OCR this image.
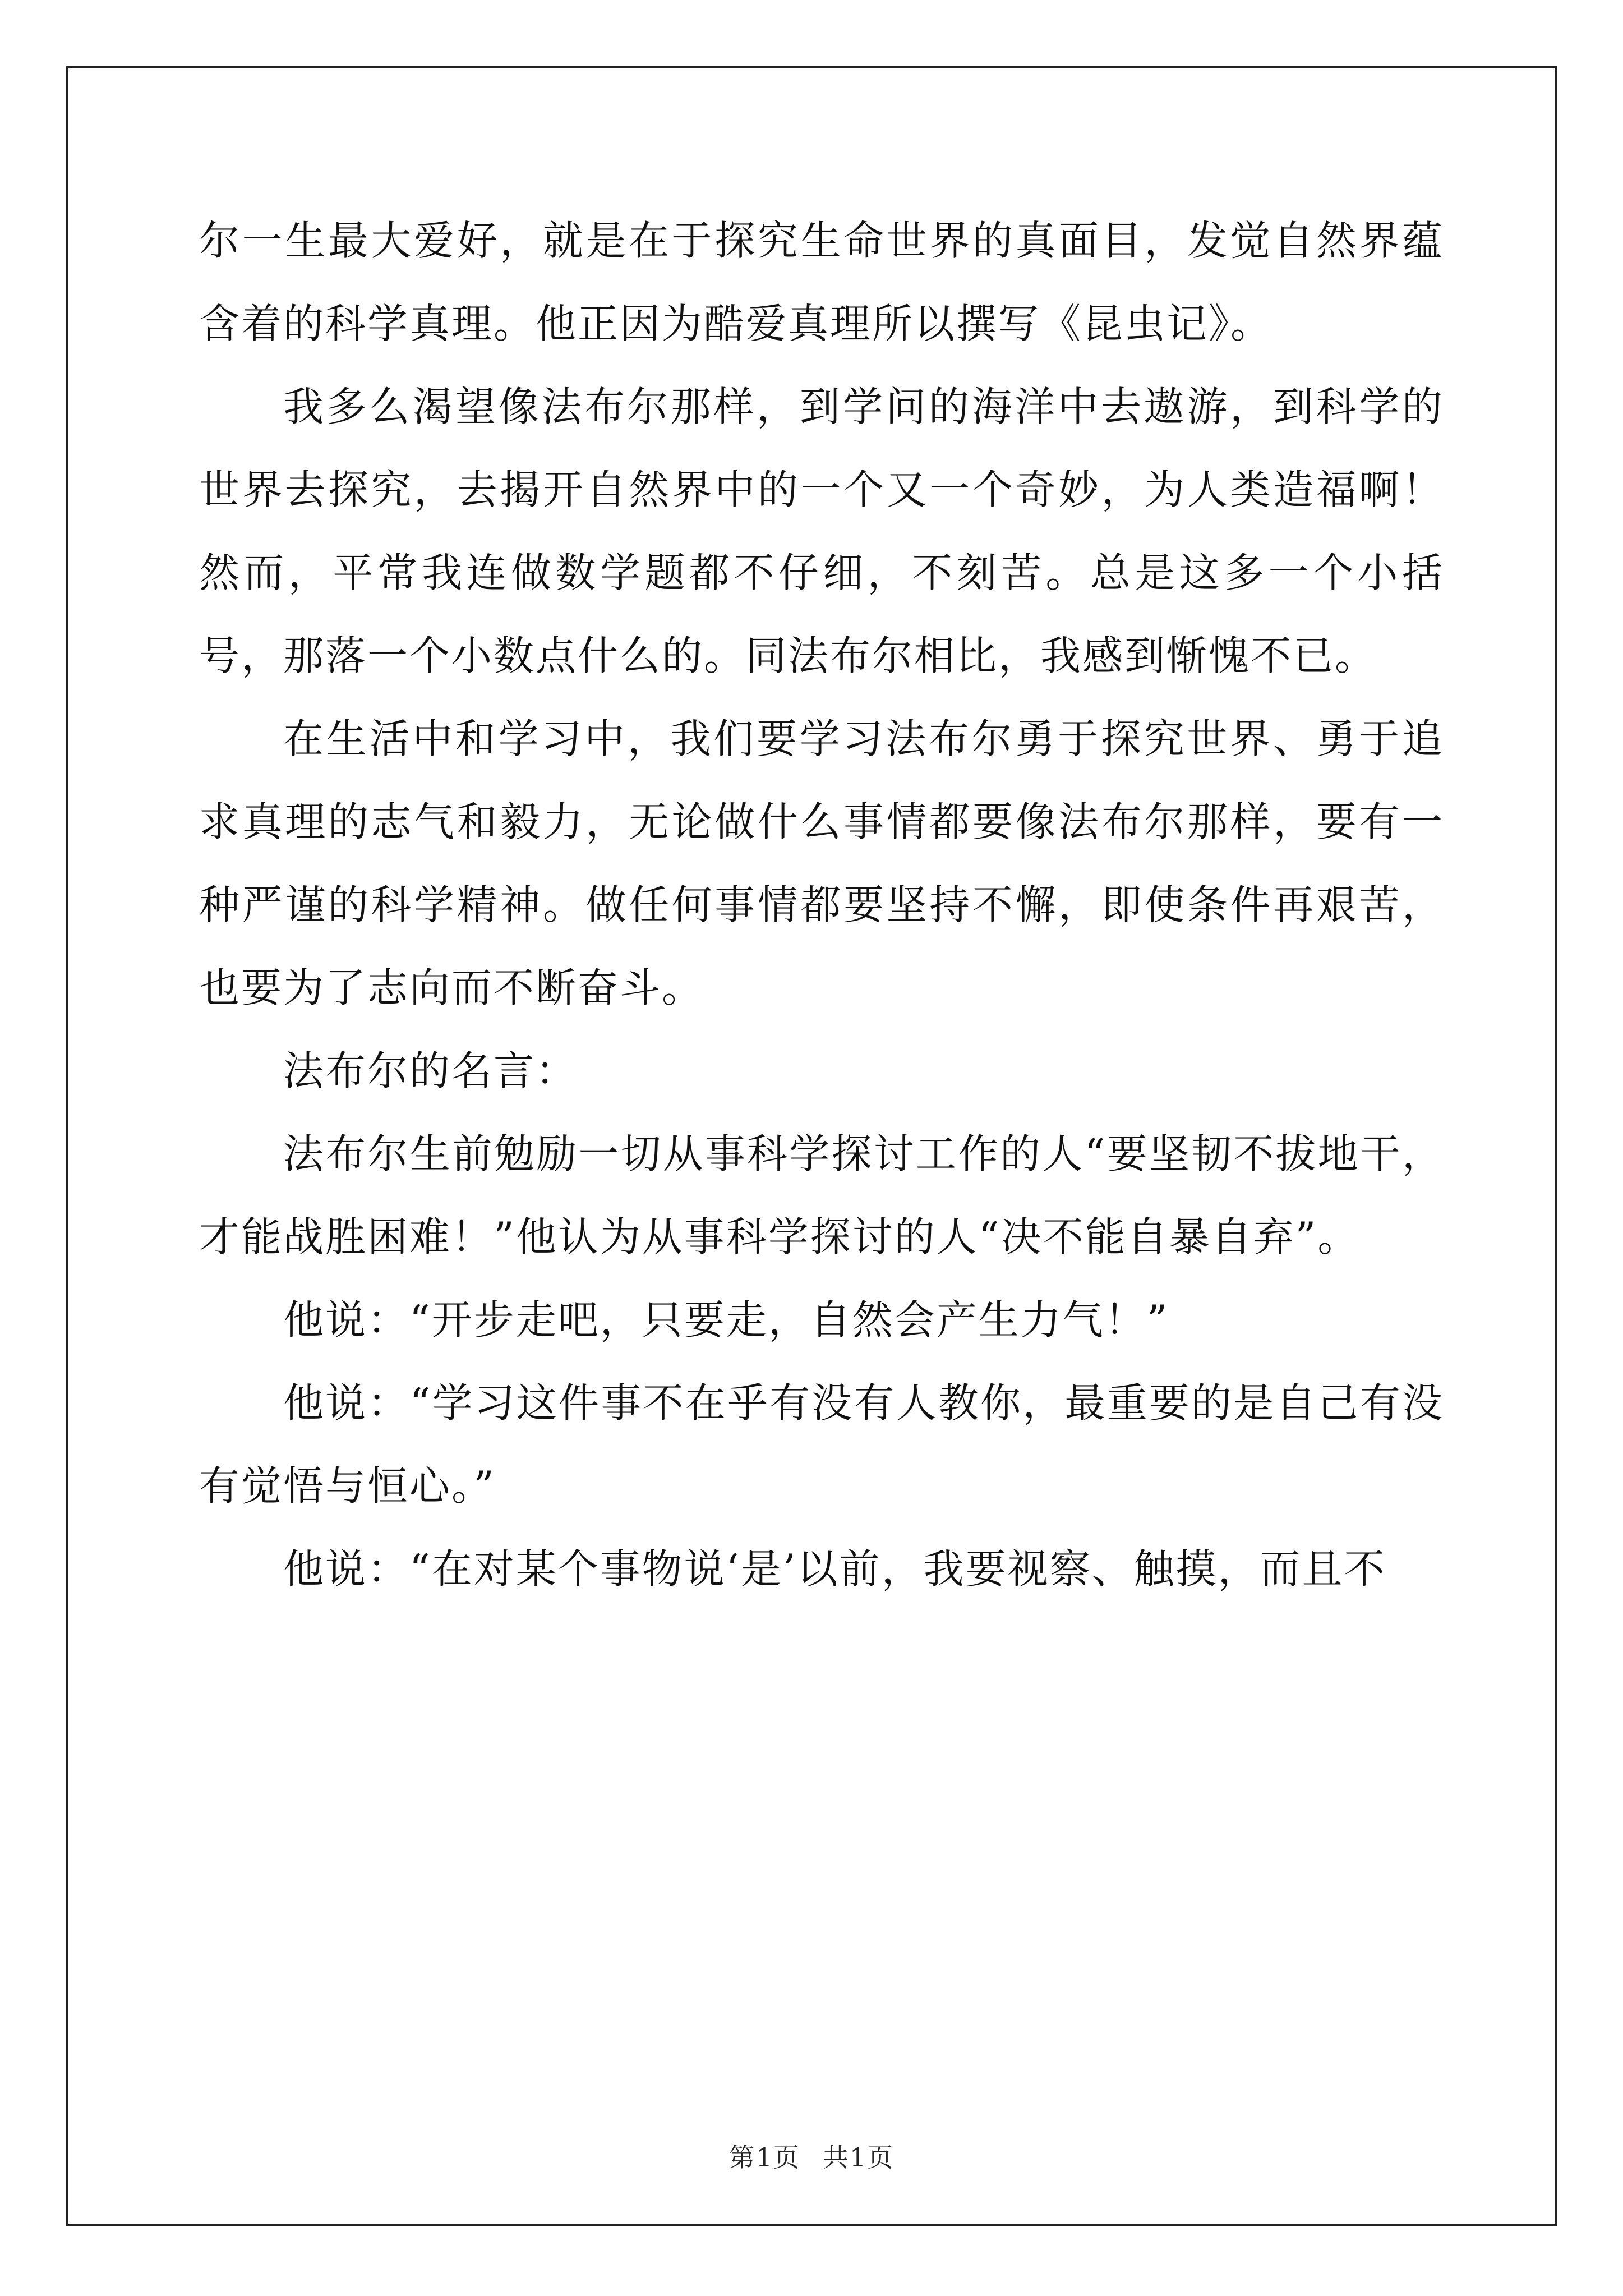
尔一生最大爱好，就是在于探究生命世界的真面目，发觉自然界蕴含着的科学真理。他正因为酷爱真理所以撰写《昆虫记》。

我多么渴望像法布尔那样，到学问的海洋中去遨游，到科学的世界去探究，去揭开自然界中的一个又一个奇妙，为人类造福啊！然而，平常我连做数学题都不仔细，不刻苦。总是这多一个小括号，那落一个小数点什么的。同法布尔相比，我感到惭愧不已。

在生活中和学习中，我们要学习法布尔勇于探究世界、勇于追求真理的志气和毅力，无论做什么事情都要像法布尔那样，要有一种严谨的科学精神。做任何事情都要坚持不懈，即使条件再艰苦，也要为了志向而不断奋斗。

法布尔的名言：

法布尔生前勉励一切从事科学探讨工作的人“要坚韧不拔地干，才能战胜困难！”他认为从事科学探讨的人“决不能自暴自弃”。

他说：“开步走吧，只要走，自然会产生力气！”

他说：“学习这件事不在乎有没有人教你，最重要的是自己有没有觉悟与恒心。”

他说：“在对某个事物说‘是’以前，我要视察、触摸，而且不

第1页 共1页
